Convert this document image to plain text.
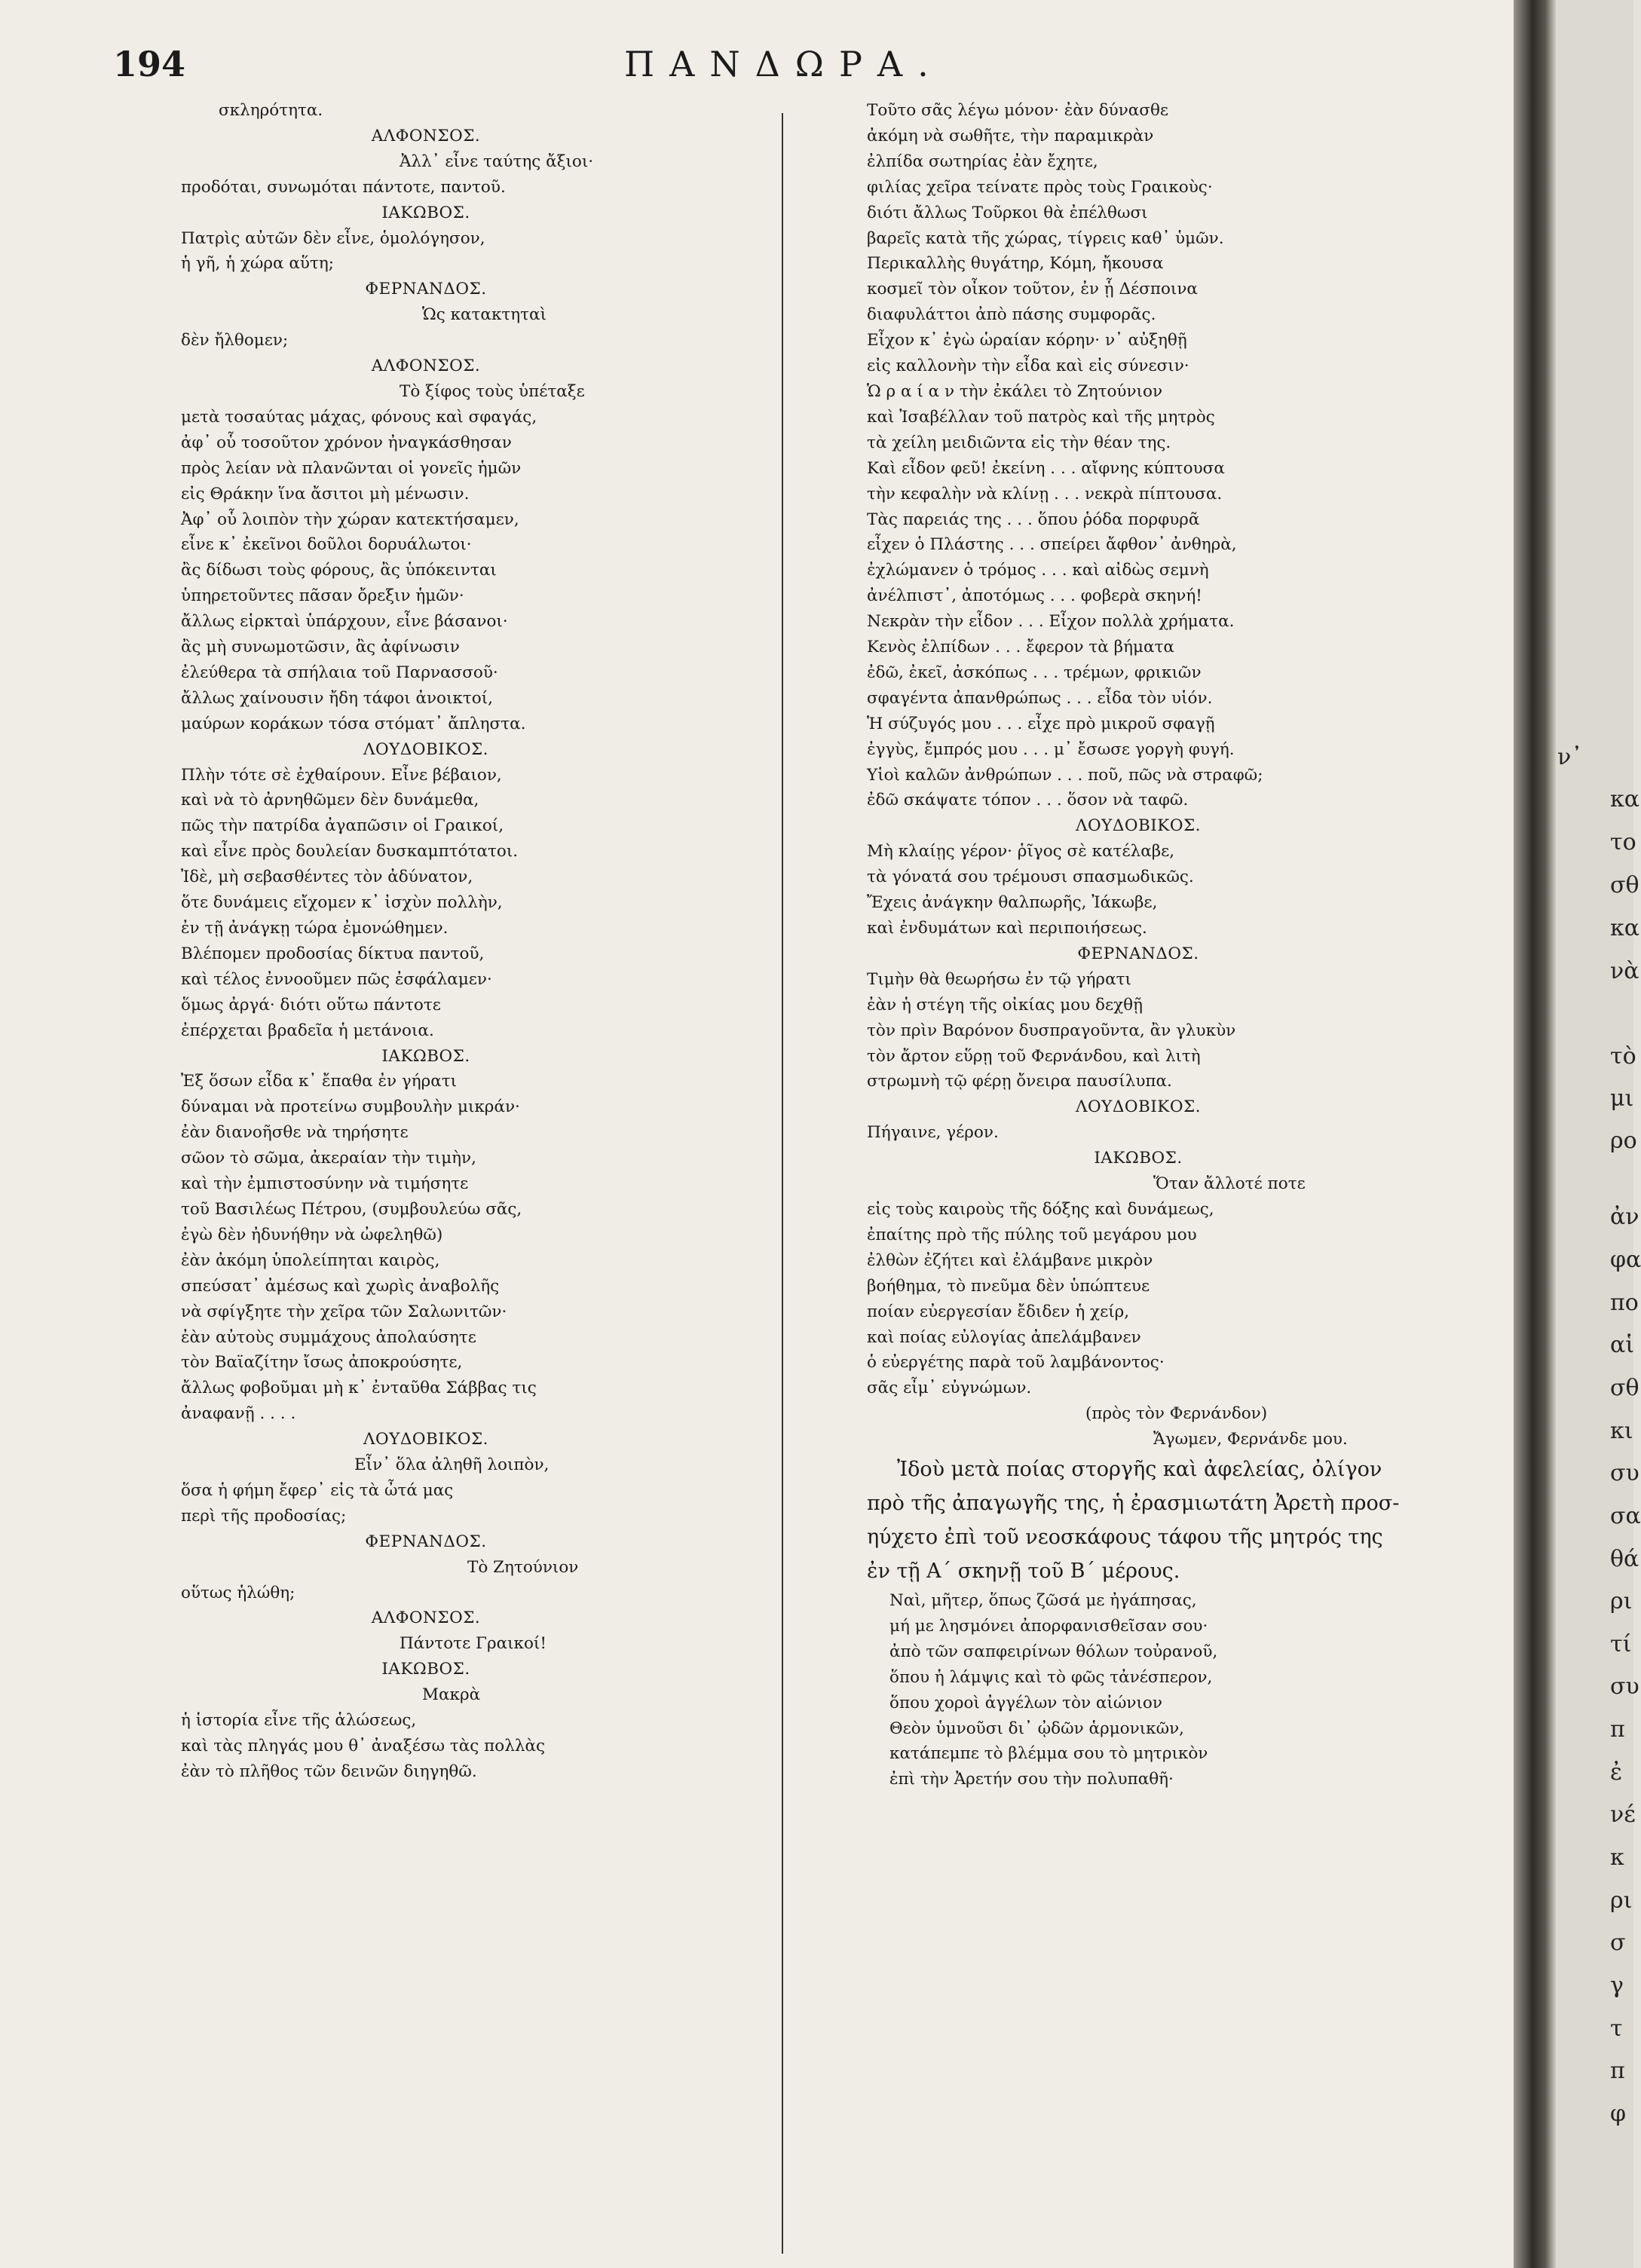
194	ΠΑΝΔΩΡΑ.
σκληρότητα.
ΑΛΦΟΝΣΟΣ.
Ἀλλ᾽ εἶνε ταύτης ἄξιοι·
προδόται, συνωμόται πάντοτε, παντοῦ.
ΙΑΚΩΒΟΣ.
Πατρὶς αὐτῶν δὲν εἶνε, ὁμολόγησον,
ἡ γῆ, ἡ χώρα αὕτη;
ΦΕΡΝΑΝΔΟΣ.
Ὡς κατακτηταὶ
δὲν ἤλθομεν;
ΑΛΦΟΝΣΟΣ.
Τὸ ξίφος τοὺς ὑπέταξε
μετὰ τοσαύτας μάχας, φόνους καὶ σφαγάς,
ἀφ᾽ οὗ τοσοῦτον χρόνον ἠναγκάσθησαν
πρὸς λείαν νὰ πλανῶνται οἱ γονεῖς ἡμῶν
εἰς Θράκην ἵνα ἄσιτοι μὴ μένωσιν.
Ἀφ᾽ οὗ λοιπὸν τὴν χώραν κατεκτήσαμεν,
εἶνε κ᾽ ἐκεῖνοι δοῦλοι δορυάλωτοι·
ἂς δίδωσι τοὺς φόρους, ἂς ὑπόκεινται
ὑπηρετοῦντες πᾶσαν ὄρεξιν ἡμῶν·
ἄλλως εἱρκταὶ ὑπάρχουν, εἶνε βάσανοι·
ἂς μὴ συνωμοτῶσιν, ἂς ἀφίνωσιν
ἐλεύθερα τὰ σπήλαια τοῦ Παρνασσοῦ·
ἄλλως χαίνουσιν ἤδη τάφοι ἀνοικτοί,
μαύρων κοράκων τόσα στόματ᾽ ἄπληστα.
ΛΟΥΔΟΒΙΚΟΣ.
Πλὴν τότε σὲ ἐχθαίρουν. Εἶνε βέβαιον,
καὶ νὰ τὸ ἀρνηθῶμεν δὲν δυνάμεθα,
πῶς τὴν πατρίδα ἀγαπῶσιν οἱ Γραικοί,
καὶ εἶνε πρὸς δουλείαν δυσκαμπτότατοι.
Ἰδὲ, μὴ σεβασθέντες τὸν ἀδύνατον,
ὅτε δυνάμεις εἴχομεν κ᾽ ἰσχὺν πολλὴν,
ἐν τῇ ἀνάγκῃ τώρα ἐμονώθημεν.
Βλέπομεν προδοσίας δίκτυα παντοῦ,
καὶ τέλος ἐννοοῦμεν πῶς ἐσφάλαμεν·
ὅμως ἀργά· διότι οὕτω πάντοτε
ἐπέρχεται βραδεῖα ἡ μετάνοια.
ΙΑΚΩΒΟΣ.
Ἐξ ὅσων εἶδα κ᾽ ἔπαθα ἐν γήρατι
δύναμαι νὰ προτείνω συμβουλὴν μικράν·
ἐὰν διανοῆσθε νὰ τηρήσητε
σῶον τὸ σῶμα, ἀκεραίαν τὴν τιμὴν,
καὶ τὴν ἐμπιστοσύνην νὰ τιμήσητε
τοῦ Βασιλέως Πέτρου, (συμβουλεύω σᾶς,
ἐγὼ δὲν ἠδυνήθην νὰ ὠφεληθῶ)
ἐὰν ἀκόμη ὑπολείπηται καιρὸς,
σπεύσατ᾽ ἀμέσως καὶ χωρὶς ἀναβολῆς
νὰ σφίγξητε τὴν χεῖρα τῶν Σαλωνιτῶν·
ἐὰν αὐτοὺς συμμάχους ἀπολαύσητε
τὸν Βαϊαζίτην ἴσως ἀποκρούσητε,
ἄλλως φοβοῦμαι μὴ κ᾽ ἐνταῦθα Σάββας τις
ἀναφανῇ . . . .
ΛΟΥΔΟΒΙΚΟΣ.
Εἶν᾽ ὅλα ἀληθῆ λοιπὸν,
ὅσα ἡ φήμη ἔφερ᾽ εἰς τὰ ὦτά μας
περὶ τῆς προδοσίας;
ΦΕΡΝΑΝΔΟΣ.
Τὸ Ζητούνιον
οὕτως ἡλώθη;
ΑΛΦΟΝΣΟΣ.
Πάντοτε Γραικοί!
ΙΑΚΩΒΟΣ.
Μακρὰ
ἡ ἱστορία εἶνε τῆς ἁλώσεως,
καὶ τὰς πληγάς μου θ᾽ ἀναξέσω τὰς πολλὰς
ἐὰν τὸ πλῆθος τῶν δεινῶν διηγηθῶ.
Τοῦτο σᾶς λέγω μόνον· ἐὰν δύνασθε
ἀκόμη νὰ σωθῆτε, τὴν παραμικρὰν
ἐλπίδα σωτηρίας ἐὰν ἔχητε,
φιλίας χεῖρα τείνατε πρὸς τοὺς Γραικοὺς·
διότι ἄλλως Τοῦρκοι θὰ ἐπέλθωσι
βαρεῖς κατὰ τῆς χώρας, τίγρεις καθ᾽ ὑμῶν.
Περικαλλὴς θυγάτηρ, Κόμη, ἤκουσα
κοσμεῖ τὸν οἶκον τοῦτον, ἐν ᾗ Δέσποινα
διαφυλάττοι ἀπὸ πάσης συμφορᾶς.
Εἶχον κ᾽ ἐγὼ ὡραίαν κόρην· ν᾽ αὐξηθῇ
εἰς καλλονὴν τὴν εἶδα καὶ εἰς σύνεσιν·
Ὡ ρ α ί α ν τὴν ἐκάλει τὸ Ζητούνιον
καὶ Ἰσαβέλλαν τοῦ πατρὸς καὶ τῆς μητρὸς
τὰ χείλη μειδιῶντα εἰς τὴν θέαν της.
Καὶ εἶδον φεῦ! ἐκείνη . . . αἴφνης κύπτουσα
τὴν κεφαλὴν νὰ κλίνῃ . . . νεκρὰ πίπτουσα.
Τὰς παρειάς της . . . ὅπου ῥόδα πορφυρᾶ
εἶχεν ὁ Πλάστης . . . σπείρει ἄφθον᾽ ἀνθηρὰ,
ἐχλώμανεν ὁ τρόμος . . . καὶ αἰδὼς σεμνὴ
ἀνέλπιστ᾽, ἀποτόμως . . . φοβερὰ σκηνή!
Νεκρὰν τὴν εἶδον . . . Εἶχον πολλὰ χρήματα.
Κενὸς ἐλπίδων . . . ἔφερον τὰ βήματα
ἐδῶ, ἐκεῖ, ἀσκόπως . . . τρέμων, φρικιῶν
σφαγέντα ἀπανθρώπως . . . εἶδα τὸν υἱόν.
Ἡ σύζυγός μου . . . εἶχε πρὸ μικροῦ σφαγῇ
ἐγγὺς, ἔμπρός μου . . . μ᾽ ἔσωσε γοργὴ φυγή.
Υἱοὶ καλῶν ἀνθρώπων . . . ποῦ, πῶς νὰ στραφῶ;
ἐδῶ σκάψατε τόπον . . . ὅσον νὰ ταφῶ.
ΛΟΥΔΟΒΙΚΟΣ.
Μὴ κλαίῃς γέρον· ῥῖγος σὲ κατέλαβε,
τὰ γόνατά σου τρέμουσι σπασμωδικῶς.
Ἔχεις ἀνάγκην θαλπωρῆς, Ἰάκωβε,
καὶ ἐνδυμάτων καὶ περιποιήσεως.
ΦΕΡΝΑΝΔΟΣ.
Τιμὴν θὰ θεωρήσω ἐν τῷ γήρατι
ἐὰν ἡ στέγη τῆς οἰκίας μου δεχθῇ
τὸν πρὶν Βαρόνον δυσπραγοῦντα, ἂν γλυκὺν
τὸν ἄρτον εὕρῃ τοῦ Φερνάνδου, καὶ λιτὴ
στρωμνὴ τῷ φέρῃ ὄνειρα παυσίλυπα.
ΛΟΥΔΟΒΙΚΟΣ.
Πήγαινε, γέρον.
ΙΑΚΩΒΟΣ.
Ὅταν ἄλλοτέ ποτε
εἰς τοὺς καιροὺς τῆς δόξης καὶ δυνάμεως,
ἐπαίτης πρὸ τῆς πύλης τοῦ μεγάρου μου
ἐλθὼν ἐζήτει καὶ ἐλάμβανε μικρὸν
βοήθημα, τὸ πνεῦμα δὲν ὑπώπτευε
ποίαν εὐεργεσίαν ἔδιδεν ἡ χείρ,
καὶ ποίας εὐλογίας ἀπελάμβανεν
ὁ εὐεργέτης παρὰ τοῦ λαμβάνοντος·
σᾶς εἶμ᾽ εὐγνώμων.
(πρὸς τὸν Φερνάνδον)
Ἄγωμεν, Φερνάνδε μου.
Ἰδοὺ μετὰ ποίας στοργῆς καὶ ἀφελείας, ὀλίγον
πρὸ τῆς ἀπαγωγῆς της, ἡ ἐρασμιωτάτη Ἀρετὴ προσ-
ηύχετο ἐπὶ τοῦ νεοσκάφους τάφου τῆς μητρός της
ἐν τῇ Α΄ σκηνῇ τοῦ Β΄ μέρους.
Ναὶ, μῆτερ, ὅπως ζῶσά με ἠγάπησας,
μή με λησμόνει ἀπορφανισθεῖσαν σου·
ἀπὸ τῶν σαπφειρίνων θόλων τοὐρανοῦ,
ὅπου ἡ λάμψις καὶ τὸ φῶς τἀνέσπερον,
ὅπου χοροὶ ἀγγέλων τὸν αἰώνιον
Θεὸν ὑμνοῦσι δι᾽ ᾠδῶν ἁρμονικῶν,
κατάπεμπε τὸ βλέμμα σου τὸ μητρικὸν
ἐπὶ τὴν Ἀρετήν σου τὴν πολυπαθῆ·
ν᾽
κα
το
σθ
κα
νὰ
τὸ
μι
ρο
ἀν
φα
πο
αἱ
σθ
κι
συ
σα
θά
ρι
τί
συ
π
ἐ
νέ
κ
ρι
σ
γ
τ
π
φ
